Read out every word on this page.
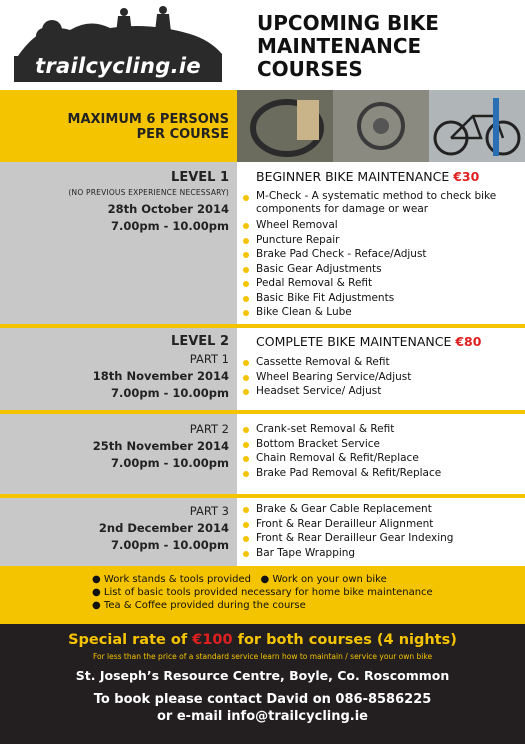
trailcycling.ie
UPCOMING BIKE
MAINTENANCE
COURSES
MAXIMUM 6 PERSONS
PER COURSE
LEVEL 1
(NO PREVIOUS EXPERIENCE NECESSARY)
28th October 2014
7.00pm - 10.00pm
BEGINNER BIKE MAINTENANCE €30
M-Check - A systematic method to check bike components for damage or wear
Wheel Removal
Puncture Repair
Brake Pad Check - Reface/Adjust
Basic Gear Adjustments
Pedal Removal & Refit
Basic Bike Fit Adjustments
Bike Clean & Lube
LEVEL 2
PART 1
18th November 2014
7.00pm - 10.00pm
COMPLETE BIKE MAINTENANCE €80
Cassette Removal & Refit
Wheel Bearing Service/Adjust
Headset Service/ Adjust
PART 2
25th November 2014
7.00pm - 10.00pm
Crank-set Removal & Refit
Bottom Bracket Service
Chain Removal & Refit/Replace
Brake Pad Removal & Refit/Replace
PART 3
2nd December 2014
7.00pm - 10.00pm
Brake & Gear Cable Replacement
Front & Rear Derailleur Alignment
Front & Rear Derailleur Gear Indexing
Bar Tape Wrapping
● Work stands & tools provided ● Work on your own bike
● List of basic tools provided necessary for home bike maintenance
● Tea & Coffee provided during the course
Special rate of €100 for both courses (4 nights)
For less than the price of a standard service learn how to maintain / service your own bike
St. Joseph’s Resource Centre, Boyle, Co. Roscommon
To book please contact David on 086-8586225
or e-mail info@trailcycling.ie
